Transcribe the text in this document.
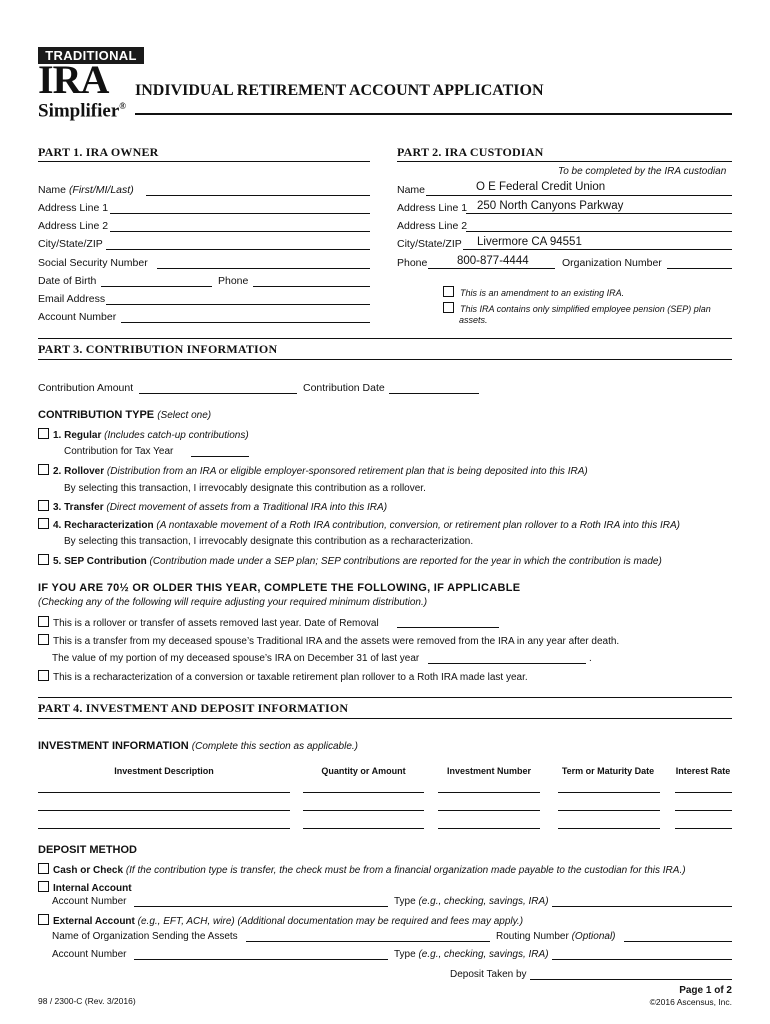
TRADITIONAL
IRA
Simplifier®
INDIVIDUAL RETIREMENT ACCOUNT APPLICATION
PART 1. IRA OWNER
Name (First/MI/Last)
Address Line 1
Address Line 2
City/State/ZIP
Social Security Number
Date of Birth	Phone
Email Address
Account Number
PART 2. IRA CUSTODIAN
To be completed by the IRA custodian
Name	O E Federal Credit Union
Address Line 1 250 North Canyons Parkway
Address Line 2
City/State/ZIP Livermore CA 94551
Phone	800-877-4444	Organization Number
This is an amendment to an existing IRA.
This IRA contains only simplified employee pension (SEP) plan
assets.
PART 3. CONTRIBUTION INFORMATION
Contribution Amount	Contribution Date
CONTRIBUTION TYPE (Select one)
1. Regular (Includes catch-up contributions)
Contribution for Tax Year
2. Rollover (Distribution from an IRA or eligible employer-sponsored retirement plan that is being deposited into this IRA)
By selecting this transaction, I irrevocably designate this contribution as a rollover.
3. Transfer (Direct movement of assets from a Traditional IRA into this IRA)
4. Recharacterization (A nontaxable movement of a Roth IRA contribution, conversion, or retirement plan rollover to a Roth IRA into this IRA)
By selecting this transaction, I irrevocably designate this contribution as a recharacterization.
5. SEP Contribution (Contribution made under a SEP plan; SEP contributions are reported for the year in which the contribution is made)
IF YOU ARE 70½ OR OLDER THIS YEAR, COMPLETE THE FOLLOWING, IF APPLICABLE
(Checking any of the following will require adjusting your required minimum distribution.)
This is a rollover or transfer of assets removed last year. Date of Removal
This is a transfer from my deceased spouse’s Traditional IRA and the assets were removed from the IRA in any year after death.
The value of my portion of my deceased spouse’s IRA on December 31 of last year	.
This is a recharacterization of a conversion or taxable retirement plan rollover to a Roth IRA made last year.
PART 4. INVESTMENT AND DEPOSIT INFORMATION
INVESTMENT INFORMATION (Complete this section as applicable.)
Investment Description	Quantity or Amount	Investment Number	Term or Maturity Date	Interest Rate
DEPOSIT METHOD
Cash or Check (If the contribution type is transfer, the check must be from a financial organization made payable to the custodian for this IRA.)
Internal Account
Account Number	Type (e.g., checking, savings, IRA)
External Account (e.g., EFT, ACH, wire) (Additional documentation may be required and fees may apply.)
Name of Organization Sending the Assets	Routing Number (Optional)
Account Number	Type (e.g., checking, savings, IRA)
Deposit Taken by
98 / 2300-C (Rev. 3/2016)
Page 1 of 2
©2016 Ascensus, Inc.
